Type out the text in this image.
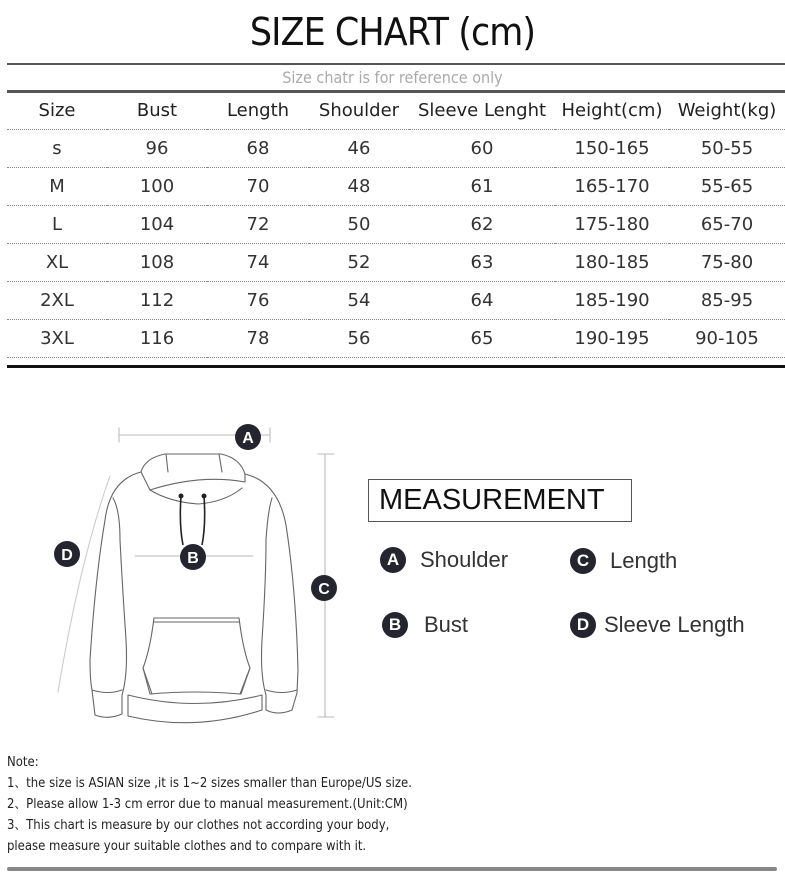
SIZE CHART (cm)
Size chatr is for reference only
Size	Bust	Length	Shoulder	Sleeve Lenght	Height(cm)	Weight(kg)
s	96	68	46	60	150-165	50-55
M	100	70	48	61	165-170	55-65
L	104	72	50	62	175-180	65-70
XL	108	74	52	63	180-185	75-80
2XL	112	76	54	64	185-190	85-95
3XL	116	78	56	65	190-195	90-105
A
B
C
D
MEASUREMENT
A Shoulder
B	Bust
C Length
D Sleeve Length
Note:
1、the size is ASIAN size ,it is 1~2 sizes smaller than Europe/US size.
2、Please allow 1-3 cm error due to manual measurement.(Unit:CM)
3、This chart is measure by our clothes not according your body,
please measure your suitable clothes and to compare with it.
